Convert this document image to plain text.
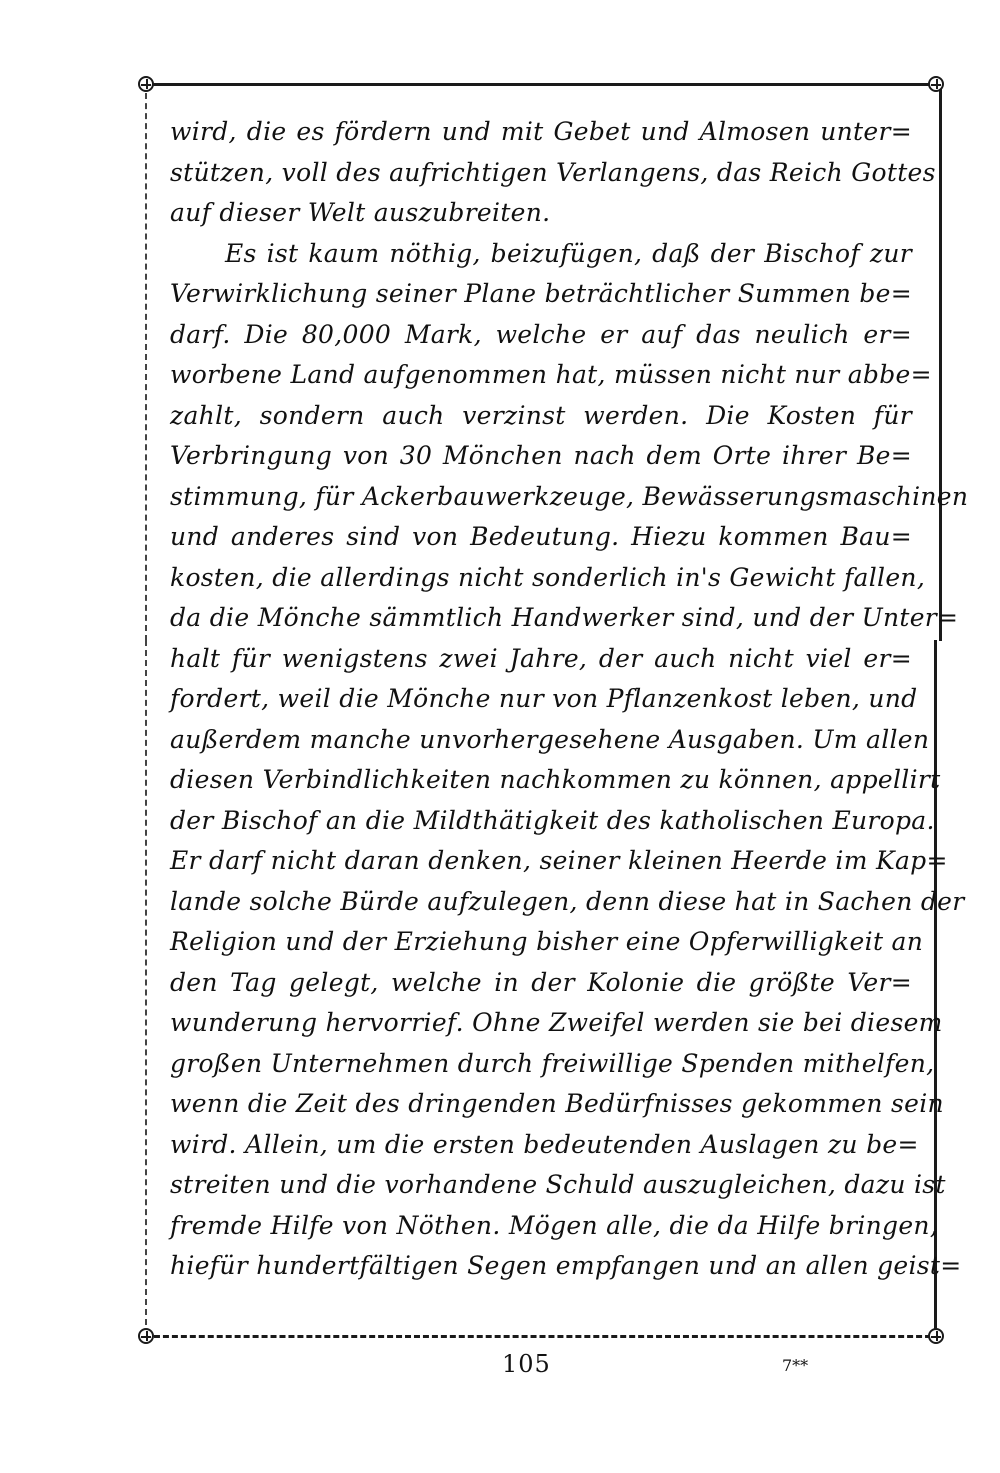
wird, die es fördern und mit Gebet und Almosen unter=
stützen, voll des aufrichtigen Verlangens, das Reich Gottes
auf dieser Welt auszubreiten.
Es ist kaum nöthig, beizufügen, daß der Bischof zur
Verwirklichung seiner Plane beträchtlicher Summen be=
darf. Die 80,000 Mark, welche er auf das neulich er=
worbene Land aufgenommen hat, müssen nicht nur abbe=
zahlt, sondern auch verzinst werden. Die Kosten für
Verbringung von 30 Mönchen nach dem Orte ihrer Be=
stimmung, für Ackerbauwerkzeuge, Bewässerungsmaschinen
und anderes sind von Bedeutung. Hiezu kommen Bau=
kosten, die allerdings nicht sonderlich in's Gewicht fallen,
da die Mönche sämmtlich Handwerker sind, und der Unter=
halt für wenigstens zwei Jahre, der auch nicht viel er=
fordert, weil die Mönche nur von Pflanzenkost leben, und
außerdem manche unvorhergesehene Ausgaben. Um allen
diesen Verbindlichkeiten nachkommen zu können, appellirt
der Bischof an die Mildthätigkeit des katholischen Europa.
Er darf nicht daran denken, seiner kleinen Heerde im Kap=
lande solche Bürde aufzulegen, denn diese hat in Sachen der
Religion und der Erziehung bisher eine Opferwilligkeit an
den Tag gelegt, welche in der Kolonie die größte Ver=
wunderung hervorrief. Ohne Zweifel werden sie bei diesem
großen Unternehmen durch freiwillige Spenden mithelfen,
wenn die Zeit des dringenden Bedürfnisses gekommen sein
wird. Allein, um die ersten bedeutenden Auslagen zu be=
streiten und die vorhandene Schuld auszugleichen, dazu ist
fremde Hilfe von Nöthen. Mögen alle, die da Hilfe bringen,
hiefür hundertfältigen Segen empfangen und an allen geist=
105	7**
